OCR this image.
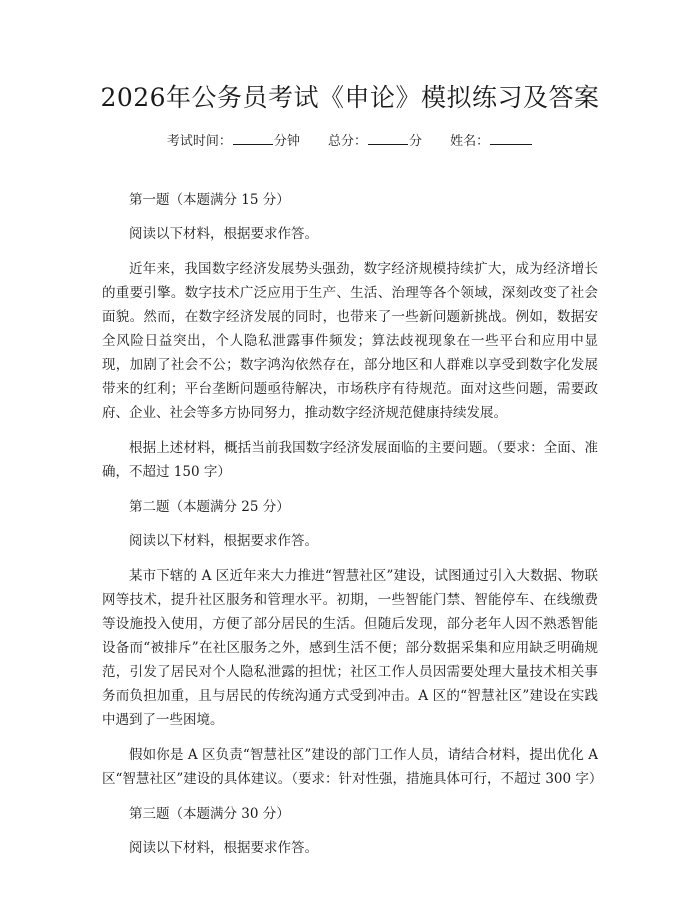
2026年公务员考试《申论》模拟练习及答案
考试时间：	分钟 总分：	分 姓名：

第一题（本题满分 15 分）

阅读以下材料，根据要求作答。

近年来，我国数字经济发展势头强劲，数字经济规模持续扩大，成为经济增长的重要引擎。数字技术广泛应用于生产、生活、治理等各个领域，深刻改变了社会面貌。然而，在数字经济发展的同时，也带来了一些新问题新挑战。例如，数据安全风险日益突出，个人隐私泄露事件频发；算法歧视现象在一些平台和应用中显现，加剧了社会不公；数字鸿沟依然存在，部分地区和人群难以享受到数字化发展带来的红利；平台垄断问题亟待解决，市场秩序有待规范。面对这些问题，需要政府、企业、社会等多方协同努力，推动数字经济规范健康持续发展。

根据上述材料，概括当前我国数字经济发展面临的主要问题。（要求：全面、准确，不超过 150 字）

第二题（本题满分 25 分）

阅读以下材料，根据要求作答。

某市下辖的 A 区近年来大力推进“智慧社区”建设，试图通过引入大数据、物联网等技术，提升社区服务和管理水平。初期，一些智能门禁、智能停车、在线缴费等设施投入使用，方便了部分居民的生活。但随后发现，部分老年人因不熟悉智能设备而“被排斥”在社区服务之外，感到生活不便；部分数据采集和应用缺乏明确规范，引发了居民对个人隐私泄露的担忧；社区工作人员因需要处理大量技术相关事务而负担加重，且与居民的传统沟通方式受到冲击。A 区的“智慧社区”建设在实践中遇到了一些困境。

假如你是 A 区负责“智慧社区”建设的部门工作人员，请结合材料，提出优化 A 区“智慧社区”建设的具体建议。（要求：针对性强，措施具体可行，不超过 300 字）

第三题（本题满分 30 分）

阅读以下材料，根据要求作答。
